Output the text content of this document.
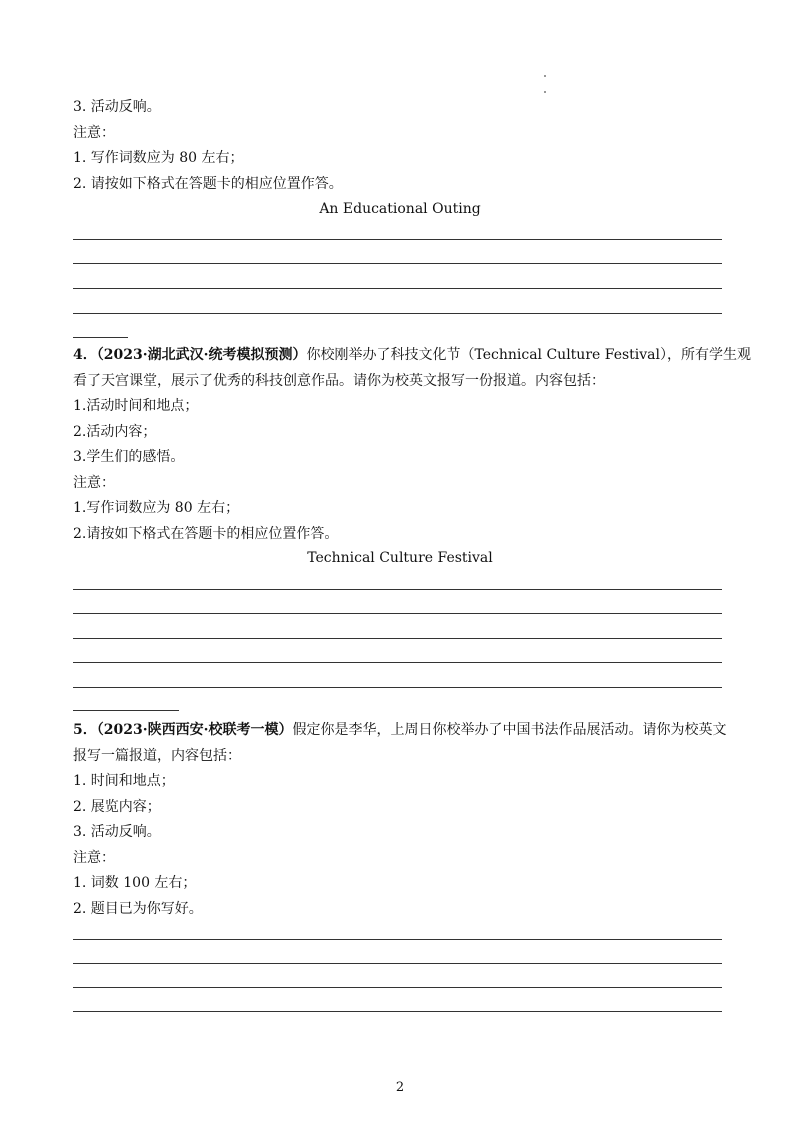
3. 活动反响。
注意：
1. 写作词数应为 80 左右；
2. 请按如下格式在答题卡的相应位置作答。
An Educational Outing
4．（2023·湖北武汉·统考模拟预测）你校刚举办了科技文化节（Technical Culture Festival），所有学生观
看了天宫课堂，展示了优秀的科技创意作品。请你为校英文报写一份报道。内容包括：
1.活动时间和地点；
2.活动内容；
3.学生们的感悟。
注意：
1.写作词数应为 80 左右；
2.请按如下格式在答题卡的相应位置作答。
Technical Culture Festival
5．（2023·陕西西安·校联考一模）假定你是李华，上周日你校举办了中国书法作品展活动。请你为校英文
报写一篇报道，内容包括：
1. 时间和地点；
2. 展览内容；
3. 活动反响。
注意：
1. 词数 100 左右；
2. 题目已为你写好。
2
